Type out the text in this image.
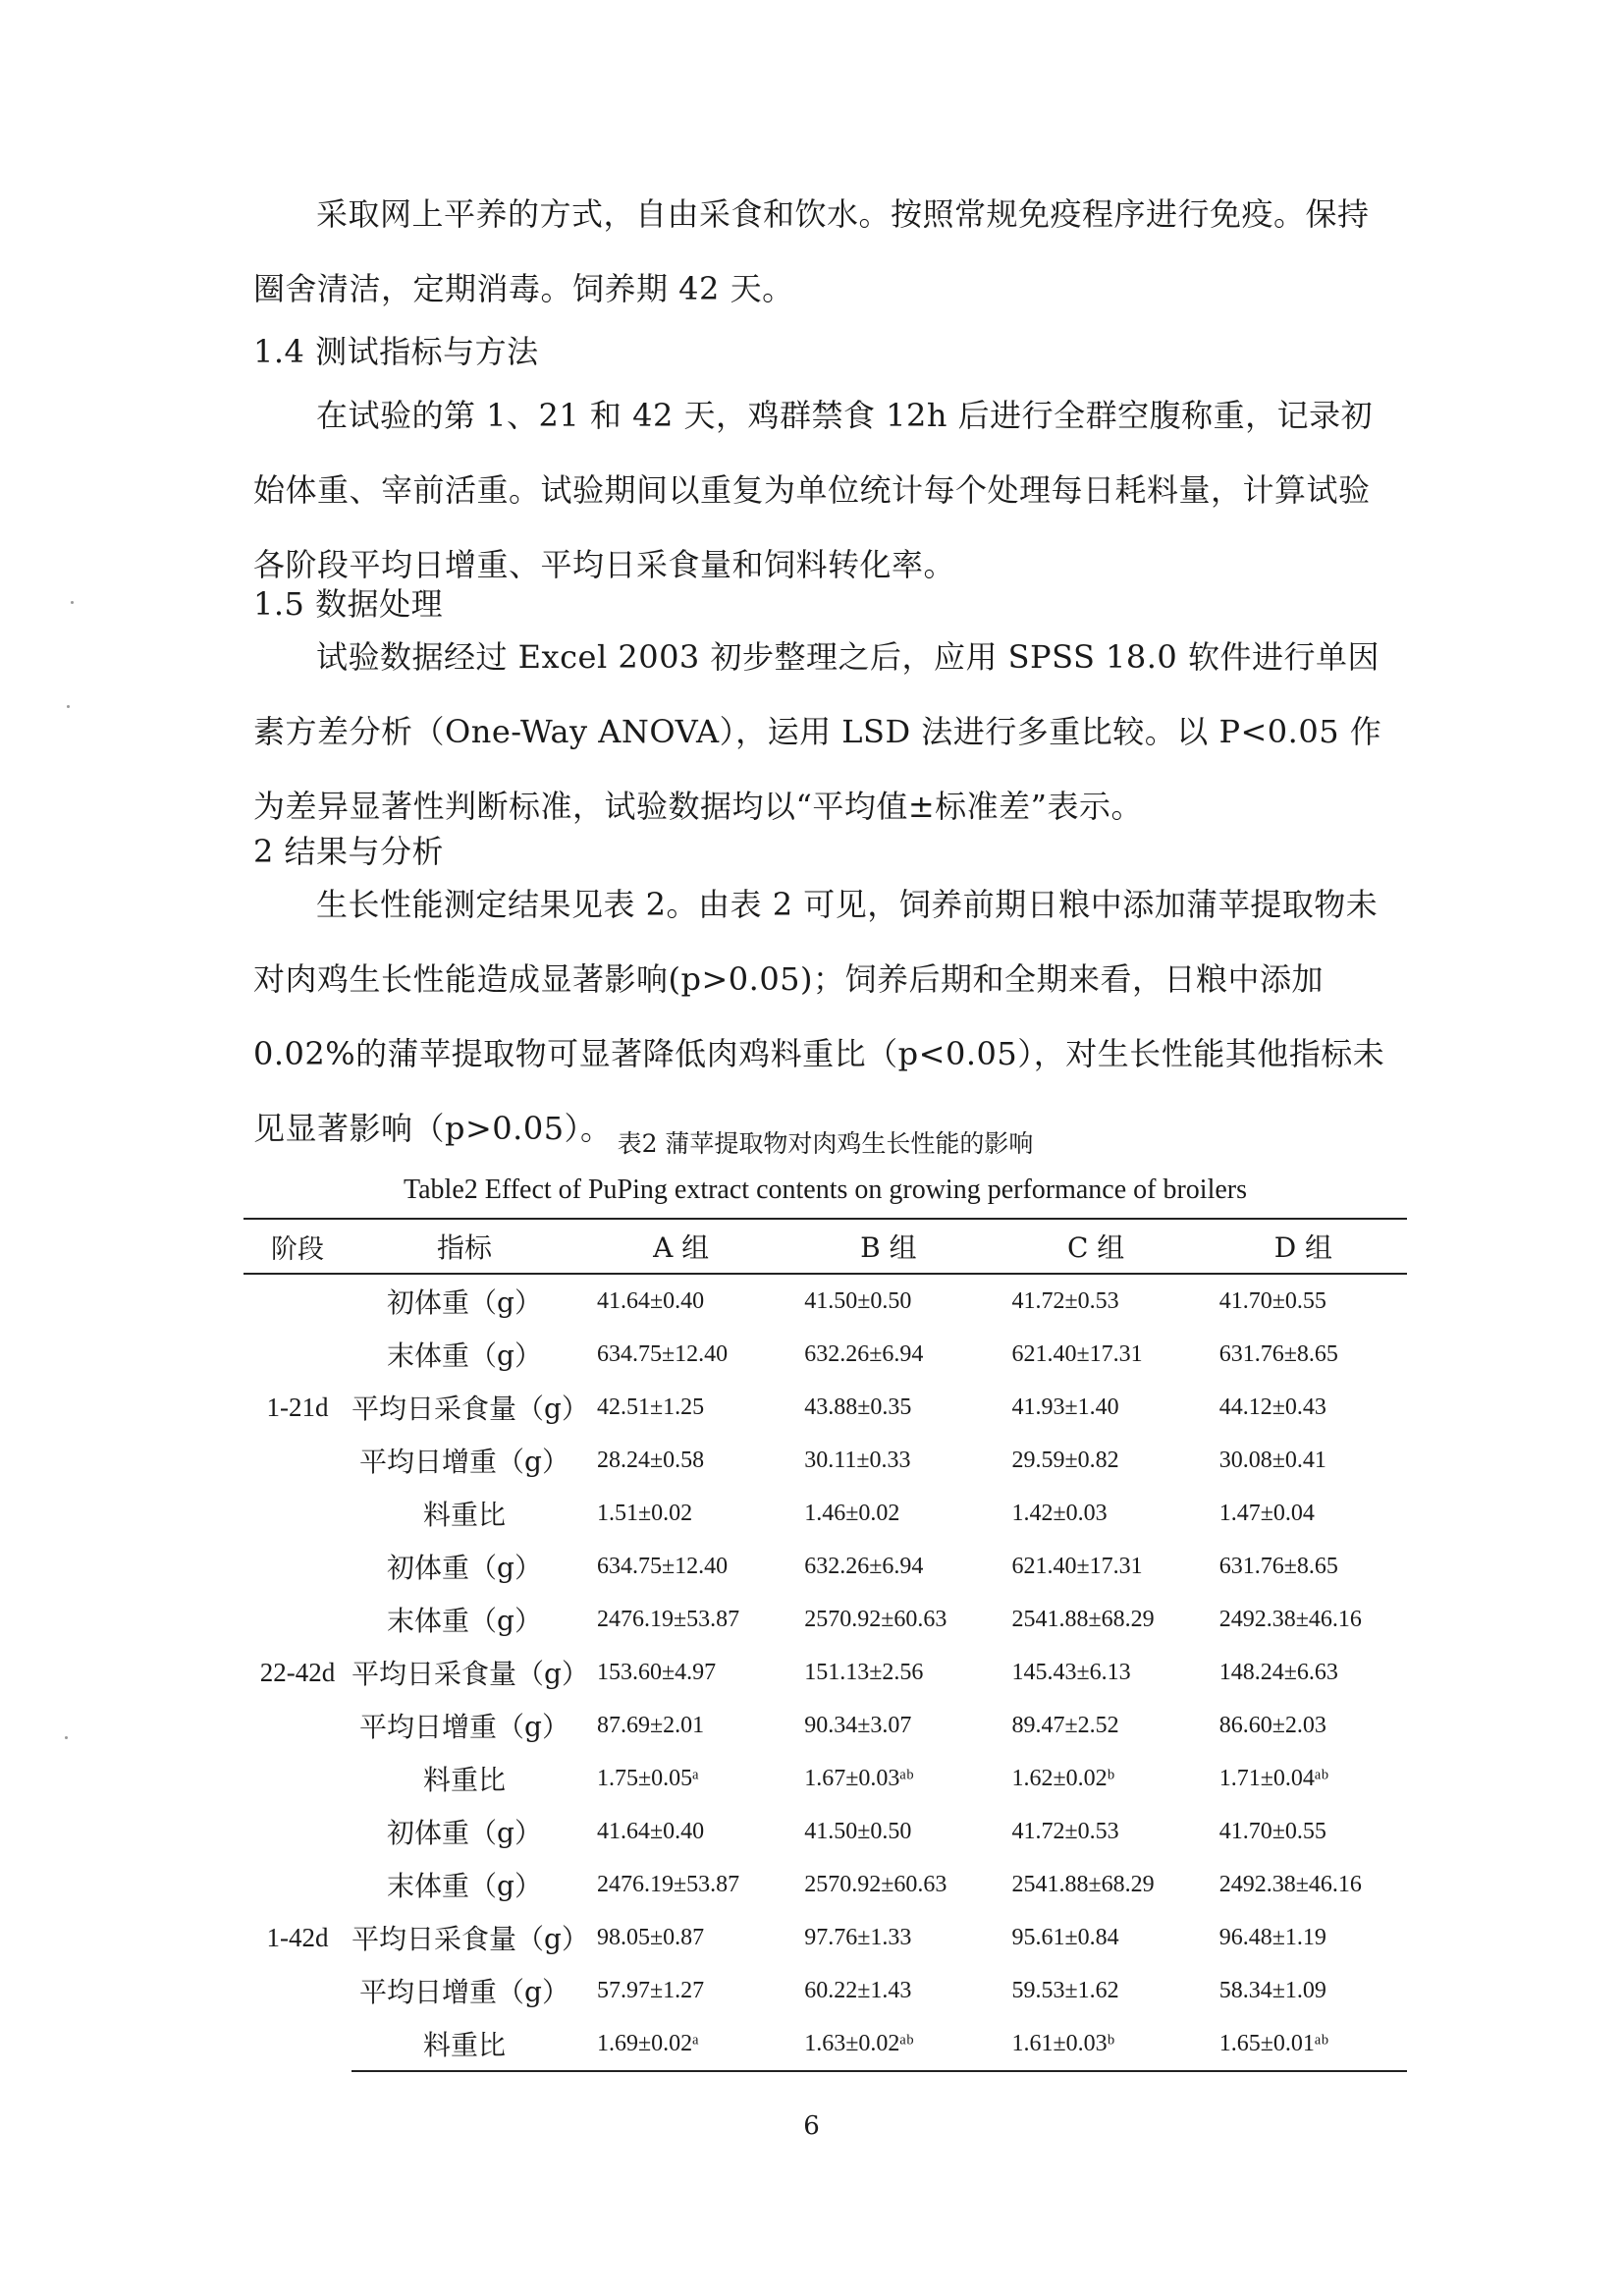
采取网上平养的方式，自由采食和饮水。按照常规免疫程序进行免疫。保持圈舍清洁，定期消毒。饲养期 42 天。

1.4 测试指标与方法

在试验的第 1、21 和 42 天，鸡群禁食 12h 后进行全群空腹称重，记录初始体重、宰前活重。试验期间以重复为单位统计每个处理每日耗料量，计算试验各阶段平均日增重、平均日采食量和饲料转化率。

1.5 数据处理

试验数据经过 Excel 2003 初步整理之后，应用 SPSS 18.0 软件进行单因素方差分析（One-Way ANOVA），运用 LSD 法进行多重比较。以 P<0.05 作为差异显著性判断标准，试验数据均以“平均值±标准差”表示。

2 结果与分析

生长性能测定结果见表 2。由表 2 可见，饲养前期日粮中添加蒲苹提取物未对肉鸡生长性能造成显著影响(p>0.05)；饲养后期和全期来看，日粮中添加 0.02%的蒲苹提取物可显著降低肉鸡料重比（p<0.05），对生长性能其他指标未见显著影响（p>0.05）。 表2 蒲苹提取物对肉鸡生长性能的影响

Table2 Effect of PuPing extract contents on growing performance of broilers

阶段	指标	A 组	B 组	C 组	D 组
1-21d	初体重（g）	41.64±0.40	41.50±0.50	41.72±0.53	41.70±0.55
	末体重（g）	634.75±12.40	632.26±6.94	621.40±17.31	631.76±8.65
	平均日采食量（g）	42.51±1.25	43.88±0.35	41.93±1.40	44.12±0.43
	平均日增重（g）	28.24±0.58	30.11±0.33	29.59±0.82	30.08±0.41
	料重比	1.51±0.02	1.46±0.02	1.42±0.03	1.47±0.04
22-42d	初体重（g）	634.75±12.40	632.26±6.94	621.40±17.31	631.76±8.65
	末体重（g）	2476.19±53.87	2570.92±60.63	2541.88±68.29	2492.38±46.16
	平均日采食量（g）	153.60±4.97	151.13±2.56	145.43±6.13	148.24±6.63
	平均日增重（g）	87.69±2.01	90.34±3.07	89.47±2.52	86.60±2.03
	料重比	1.75±0.05ᵃ	1.67±0.03ᵃᵇ	1.62±0.02ᵇ	1.71±0.04ᵃᵇ
1-42d	初体重（g）	41.64±0.40	41.50±0.50	41.72±0.53	41.70±0.55
	末体重（g）	2476.19±53.87	2570.92±60.63	2541.88±68.29	2492.38±46.16
	平均日采食量（g）	98.05±0.87	97.76±1.33	95.61±0.84	96.48±1.19
	平均日增重（g）	57.97±1.27	60.22±1.43	59.53±1.62	58.34±1.09
	料重比	1.69±0.02ᵃ	1.63±0.02ᵃᵇ	1.61±0.03ᵇ	1.65±0.01ᵃᵇ
6
